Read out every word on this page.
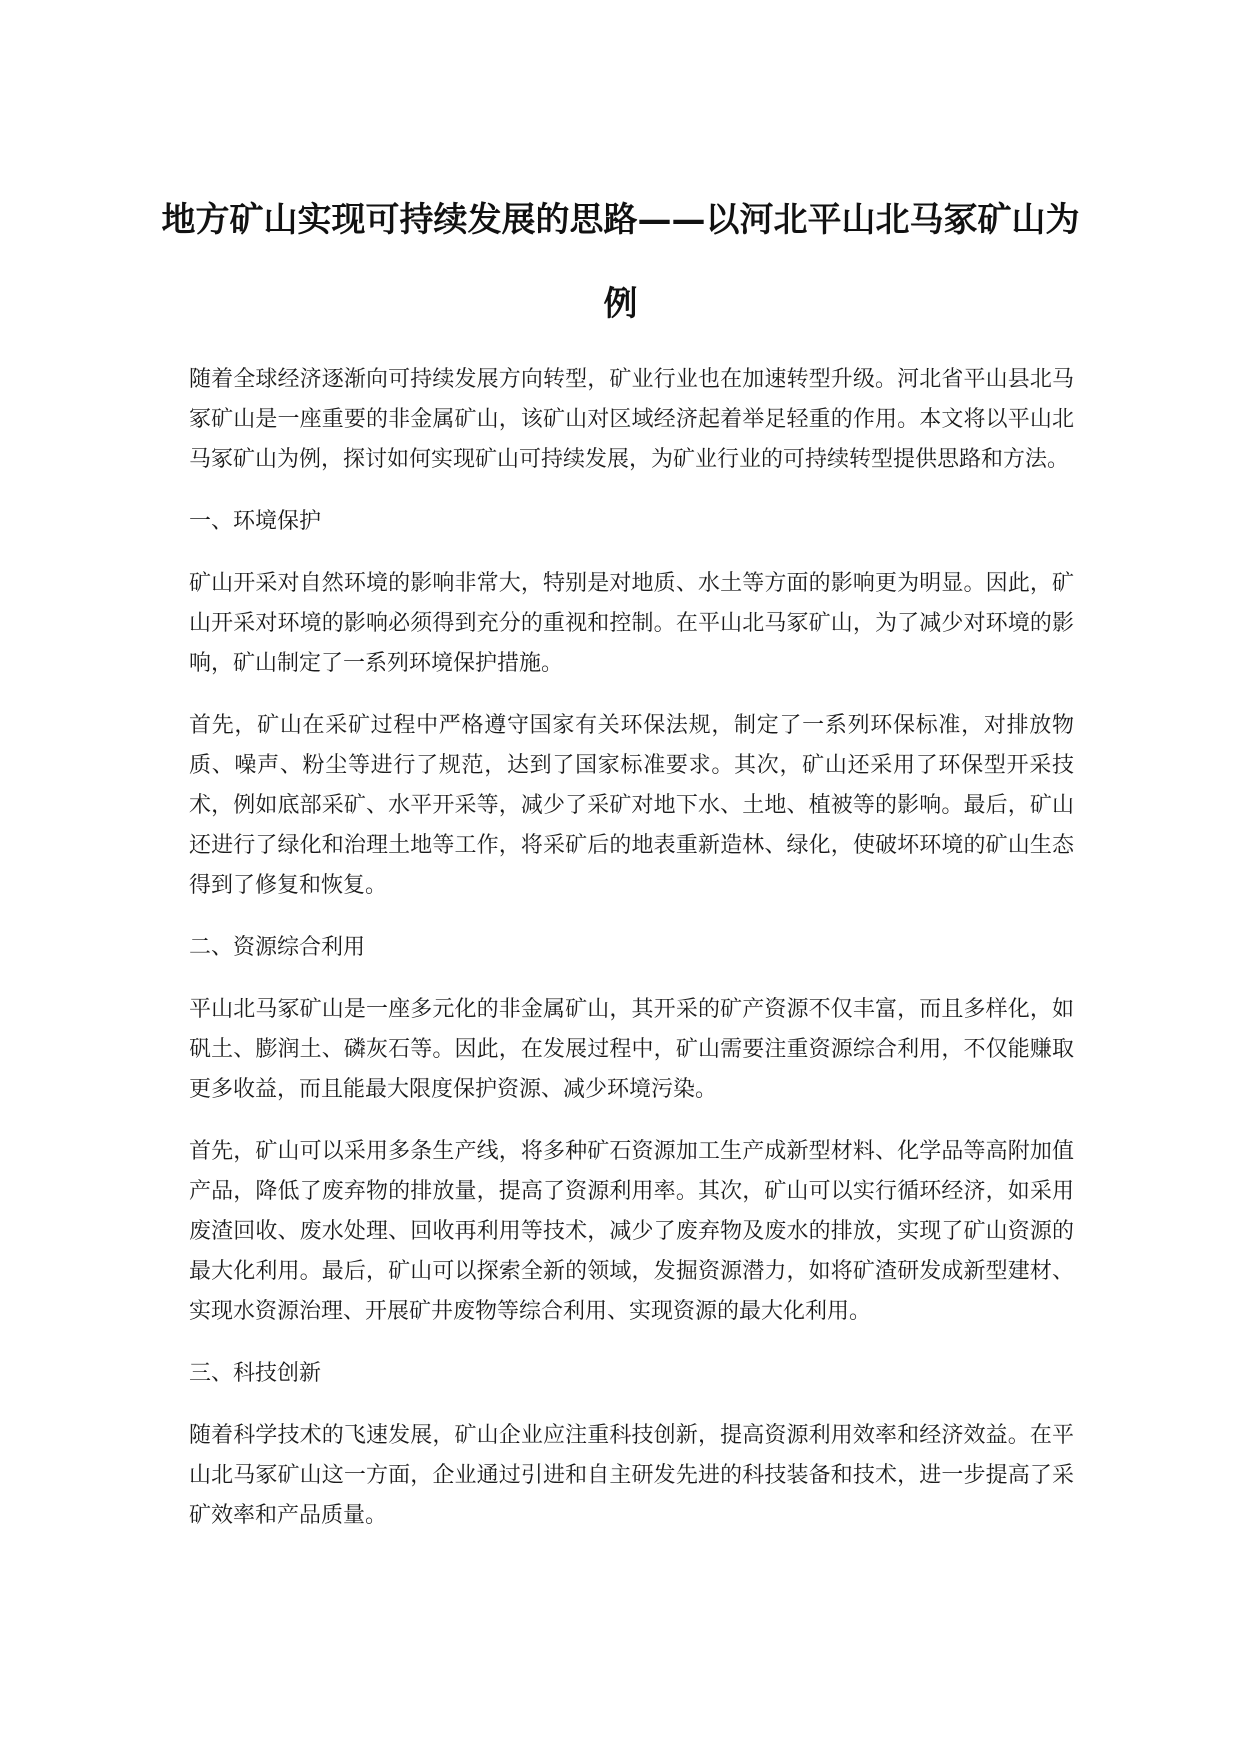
地方矿山实现可持续发展的思路——以河北平山北马冢矿山为例

随着全球经济逐渐向可持续发展方向转型，矿业行业也在加速转型升级。河北省平山县北马冢矿山是一座重要的非金属矿山，该矿山对区域经济起着举足轻重的作用。本文将以平山北马冢矿山为例，探讨如何实现矿山可持续发展，为矿业行业的可持续转型提供思路和方法。

一、环境保护

矿山开采对自然环境的影响非常大，特别是对地质、水土等方面的影响更为明显。因此，矿山开采对环境的影响必须得到充分的重视和控制。在平山北马冢矿山，为了减少对环境的影响，矿山制定了一系列环境保护措施。

首先，矿山在采矿过程中严格遵守国家有关环保法规，制定了一系列环保标准，对排放物质、噪声、粉尘等进行了规范，达到了国家标准要求。其次，矿山还采用了环保型开采技术，例如底部采矿、水平开采等，减少了采矿对地下水、土地、植被等的影响。最后，矿山还进行了绿化和治理土地等工作，将采矿后的地表重新造林、绿化，使破坏环境的矿山生态得到了修复和恢复。

二、资源综合利用

平山北马冢矿山是一座多元化的非金属矿山，其开采的矿产资源不仅丰富，而且多样化，如矾土、膨润土、磷灰石等。因此，在发展过程中，矿山需要注重资源综合利用，不仅能赚取更多收益，而且能最大限度保护资源、减少环境污染。

首先，矿山可以采用多条生产线，将多种矿石资源加工生产成新型材料、化学品等高附加值产品，降低了废弃物的排放量，提高了资源利用率。其次，矿山可以实行循环经济，如采用废渣回收、废水处理、回收再利用等技术，减少了废弃物及废水的排放，实现了矿山资源的最大化利用。最后，矿山可以探索全新的领域，发掘资源潜力，如将矿渣研发成新型建材、实现水资源治理、开展矿井废物等综合利用、实现资源的最大化利用。

三、科技创新

随着科学技术的飞速发展，矿山企业应注重科技创新，提高资源利用效率和经济效益。在平山北马冢矿山这一方面，企业通过引进和自主研发先进的科技装备和技术，进一步提高了采矿效率和产品质量。
